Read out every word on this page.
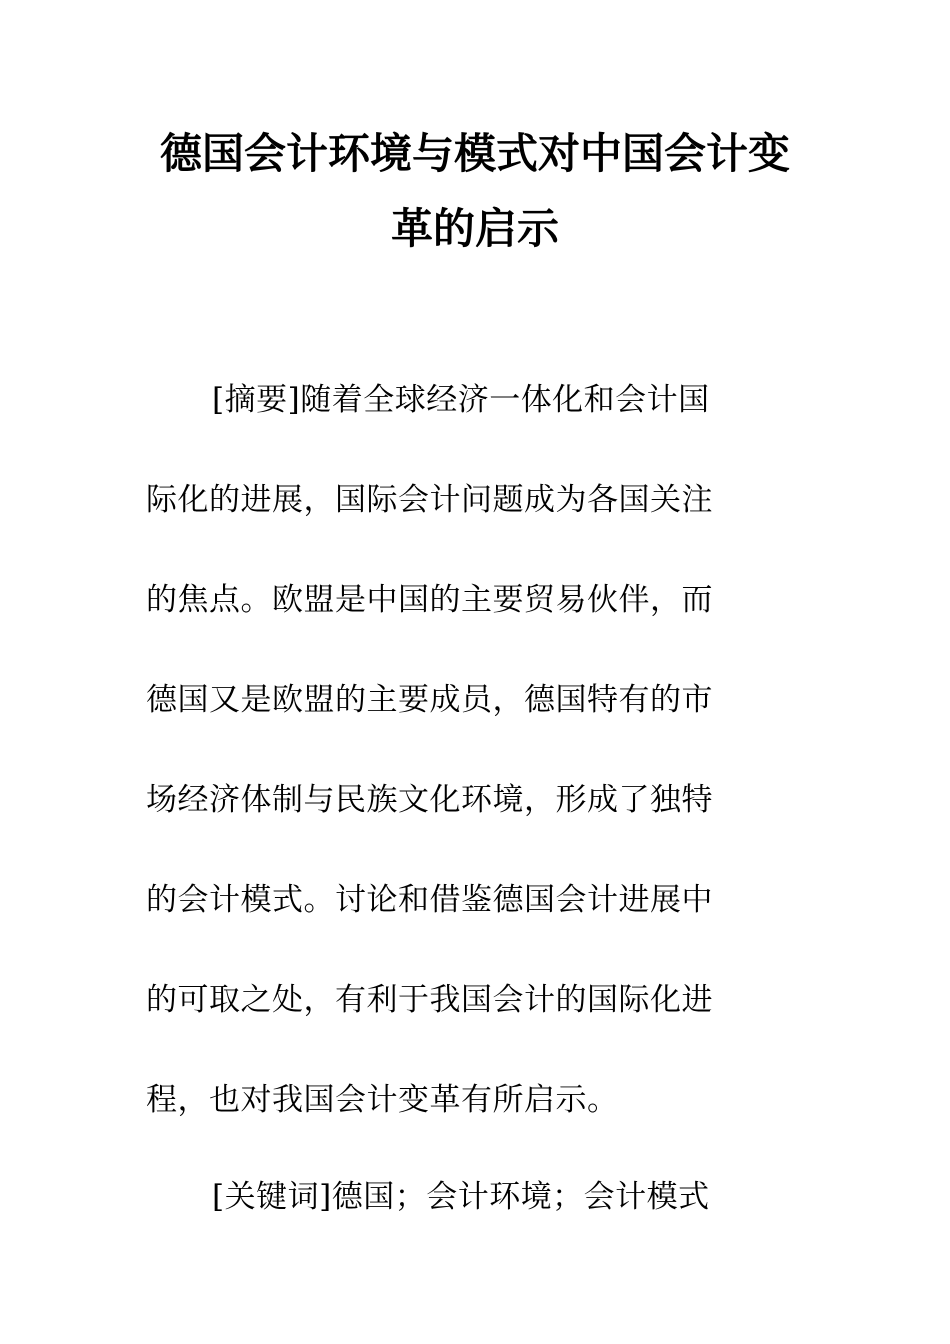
德国会计环境与模式对中国会计变
革的启示
[摘要]随着全球经济一体化和会计国
际化的进展，国际会计问题成为各国关注
的焦点。欧盟是中国的主要贸易伙伴，而
德国又是欧盟的主要成员，德国特有的市
场经济体制与民族文化环境，形成了独特
的会计模式。讨论和借鉴德国会计进展中
的可取之处，有利于我国会计的国际化进
程，也对我国会计变革有所启示。
[关键词]德国；会计环境；会计模式
